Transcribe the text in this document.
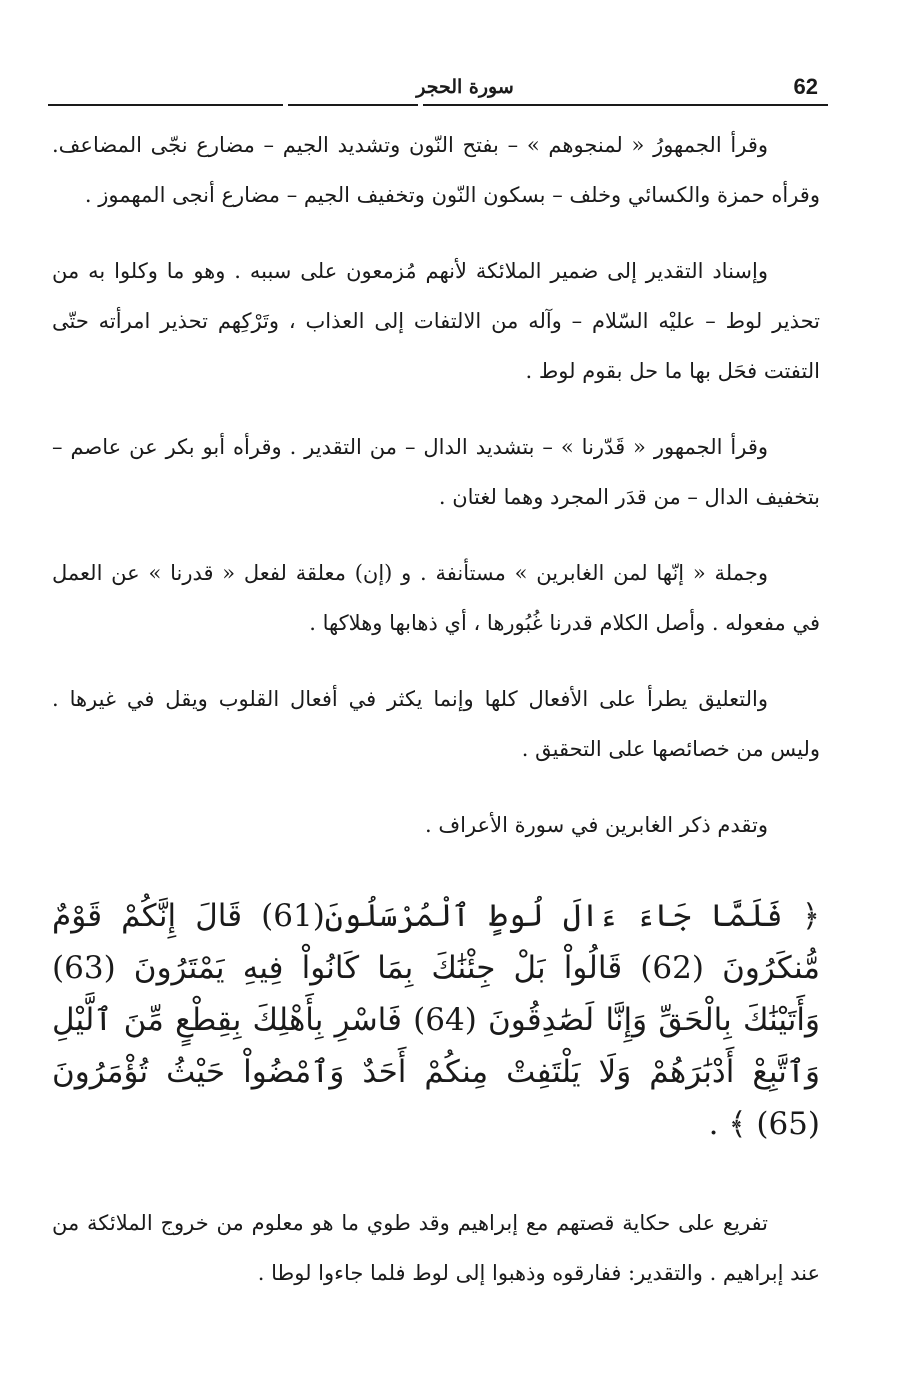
سورة الحجر	62

وقرأ الجمهورُ « لمنجوهم » – بفتح النّون وتشديد الجيم – مضارع نجّى المضاعف. وقرأه حمزة والكسائي وخلف – بسكون النّون وتخفيف الجيم – مضارع أنجى المهموز .

وإسناد التقدير إلى ضمير الملائكة لأنهم مُزمعون على سببه . وهو ما وكلوا به من تحذير لوط – عليْه السّلام – وآله من الالتفات إلى العذاب ، وتَرْكِهم تحذير امرأته حتّى التفتت فحَل بها ما حل بقوم لوط .

وقرأ الجمهور « قَدّرنا » – بتشديد الدال – من التقدير . وقرأه أبو بكر عن عاصم – بتخفيف الدال – من قدَر المجرد وهما لغتان .

وجملة « إنّها لمن الغابرين » مستأنفة . و (إن) معلقة لفعل « قدرنا » عن العمل في مفعوله . وأصل الكلام قدرنا غُبُورها ، أي ذهابها وهلاكها .

والتعليق يطرأ على الأفعال كلها وإنما يكثر في أفعال القلوب ويقل في غيرها . وليس من خصائصها على التحقيق .

وتقدم ذكر الغابرين في سورة الأعراف .

﴿ فَلَمَّا جَاءَ ءَالَ لُوطٍ ٱلْمُرْسَلُونَ(61) قَالَ إِنَّكُمْ قَوْمٌ مُّنكَرُونَ (62) قَالُواْ بَلْ جِئْنَٰكَ بِمَا كَانُواْ فِيهِ يَمْتَرُونَ (63) وَأَتَيْنَٰكَ بِالْحَقِّ وَإِنَّا لَصَٰدِقُونَ (64) فَاسْرِ بِأَهْلِكَ بِقِطْعٍ مِّنَ ٱلَّيْلِ وَٱتَّبِعْ أَدْبَٰرَهُمْ وَلَا يَلْتَفِتْ مِنكُمْ أَحَدٌ وَٱمْضُواْ حَيْثُ تُؤْمَرُونَ (65) ﴾ .

تفريع على حكاية قصتهم مع إبراهيم وقد طوي ما هو معلوم من خروج الملائكة من عند إبراهيم . والتقدير: ففارقوه وذهبوا إلى لوط فلما جاءوا لوطا .
